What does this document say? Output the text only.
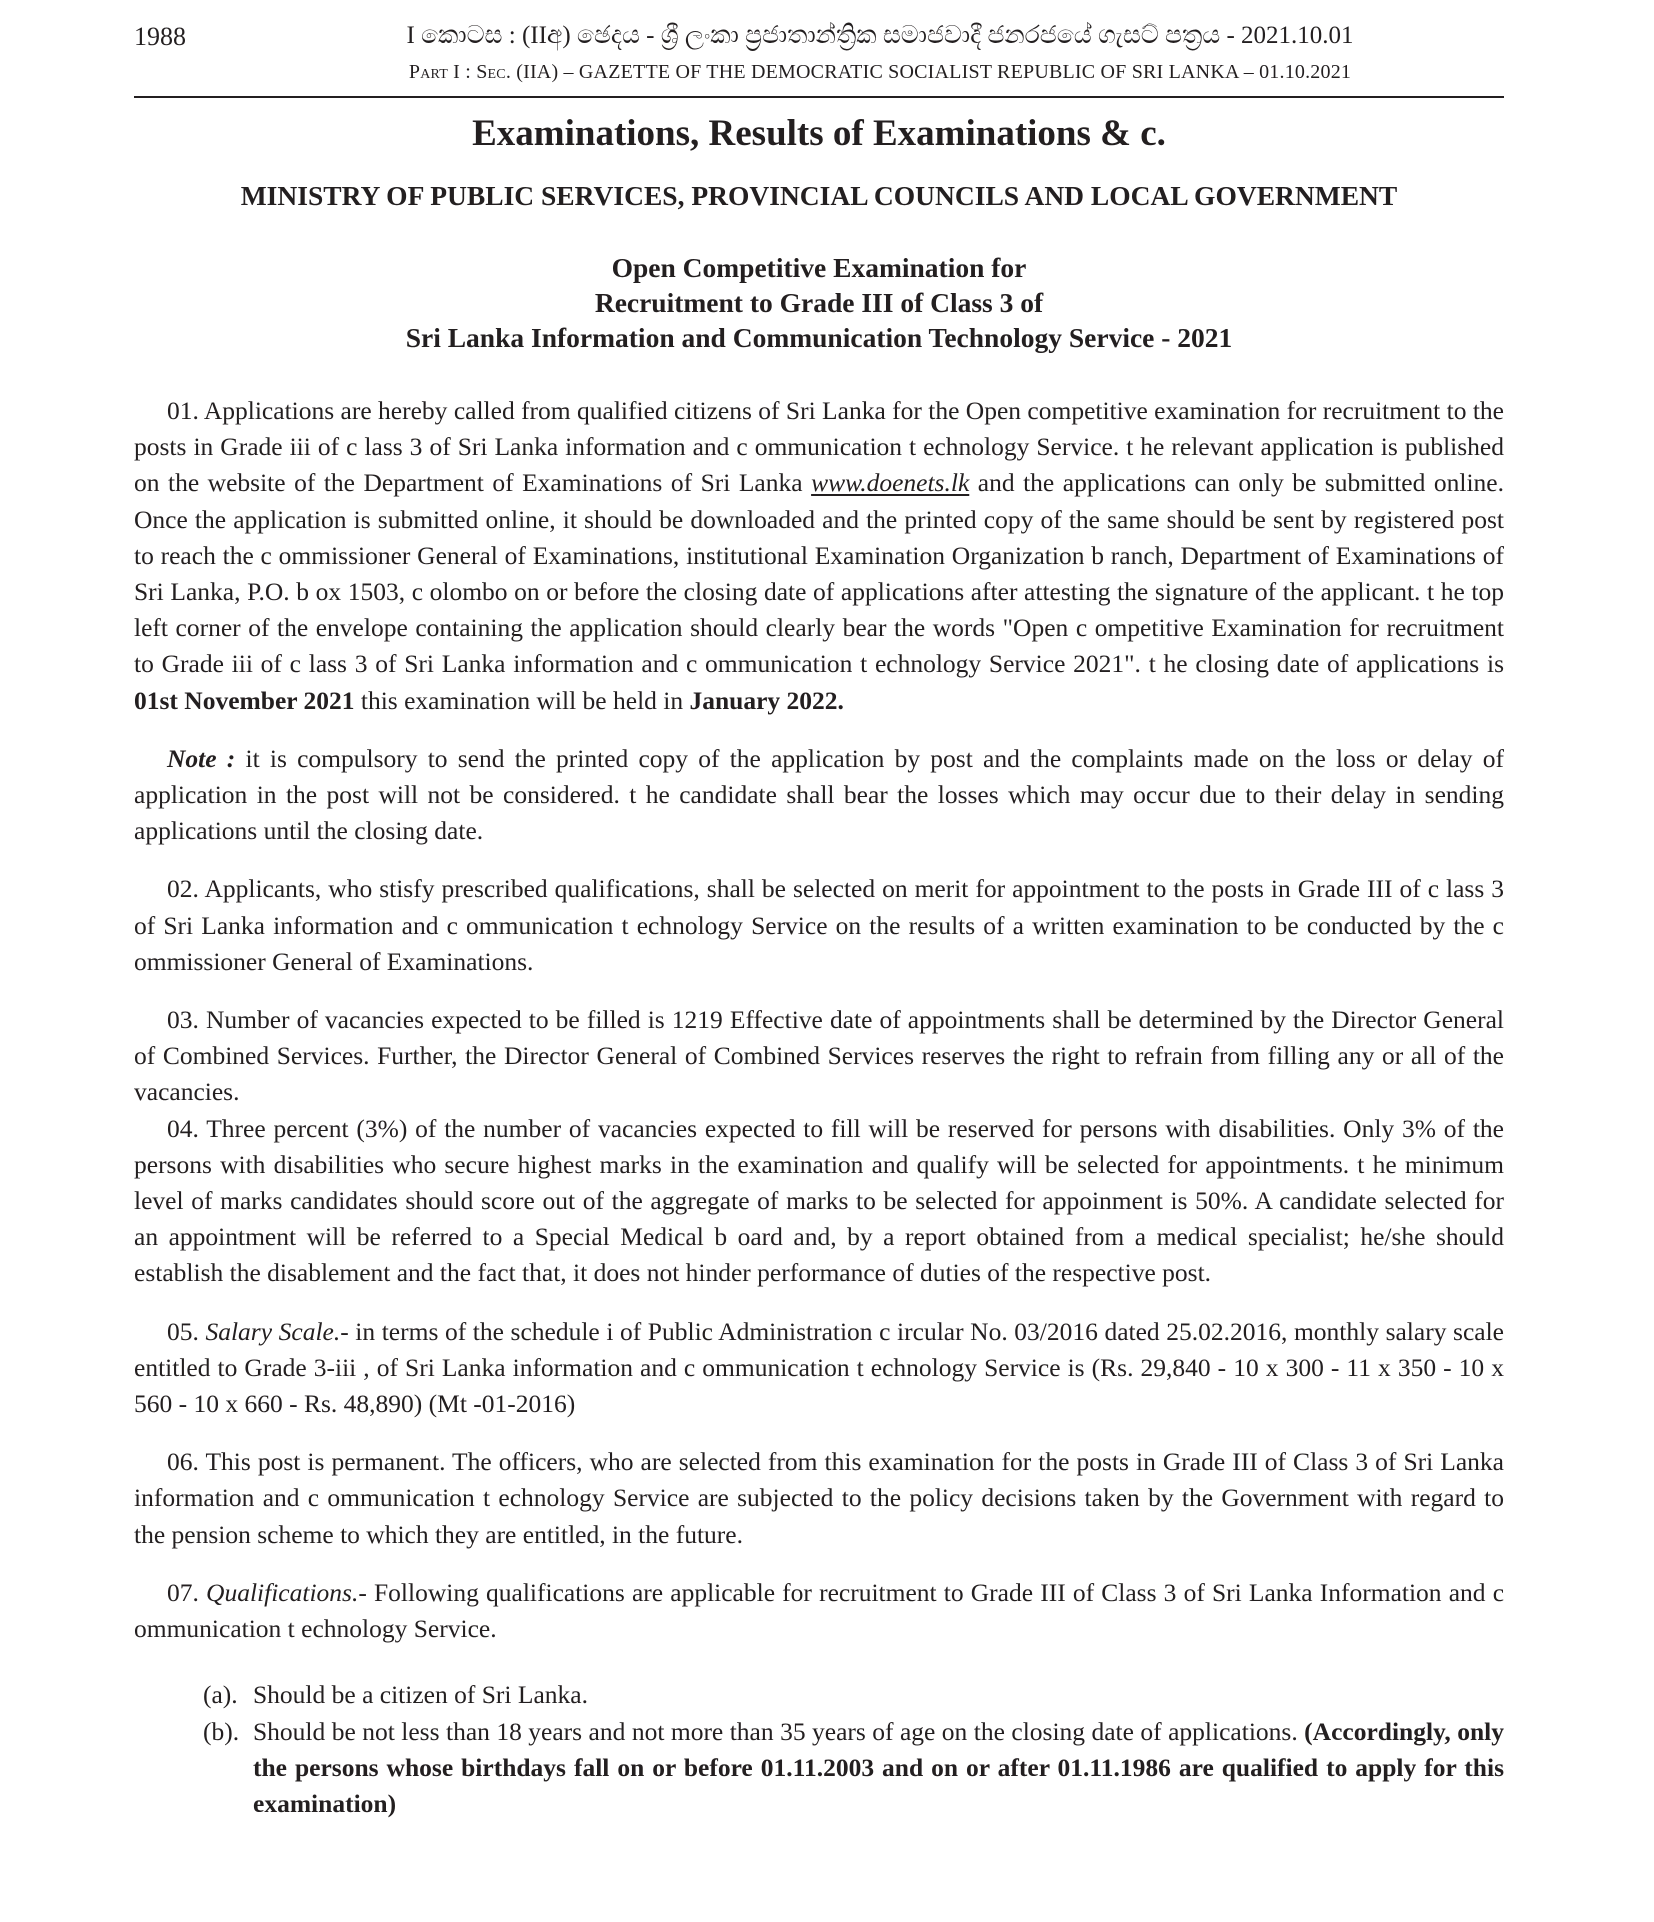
1988	I කොටස : (IIඅ) ඡෙදය - ශ්‍රී ලංකා ප්‍රජාතාන්ත්‍රික සමාජවාදී ජනරජයේ ගැසට් පත්‍රය - 2021.10.01
Part I : Sec. (IIA) – GAZETTE OF THE DEMOCRATIC SOCIALIST REPUBLIC OF SRI LANKA – 01.10.2021
Examinations, Results of Examinations & c.
MINISTRY OF PUBLIC SERVICES, PROVINCIAL COUNCILS AND LOCAL GOVERNMENT
Open Competitive Examination for
Recruitment to Grade III of Class 3 of
Sri Lanka Information and Communication Technology Service - 2021

01. Applications are hereby called from qualified citizens of Sri Lanka for the Open competitive examination for recruitment to the posts in Grade iii of c lass 3 of Sri Lanka information and c ommunication t echnology Service. t he relevant application is published on the website of the Department of Examinations of Sri Lanka www.doenets.lk and the applications can only be submitted online. Once the application is submitted online, it should be downloaded and the printed copy of the same should be sent by registered post to reach the c ommissioner General of Examinations, institutional Examination Organization b ranch, Department of Examinations of Sri Lanka, P.O. b ox 1503, c olombo on or before the closing date of applications after attesting the signature of the applicant. t he top left corner of the envelope containing the application should clearly bear the words "Open c ompetitive Examination for recruitment to Grade iii of c lass 3 of Sri Lanka information and c ommunication t echnology Service 2021". t he closing date of applications is 01st November 2021 this examination will be held in January 2022.

Note : it is compulsory to send the printed copy of the application by post and the complaints made on the loss or delay of application in the post will not be considered. t he candidate shall bear the losses which may occur due to their delay in sending applications until the closing date.

02. Applicants, who stisfy prescribed qualifications, shall be selected on merit for appointment to the posts in Grade III of c lass 3 of Sri Lanka information and c ommunication t echnology Service on the results of a written examination to be conducted by the c ommissioner General of Examinations.

03. Number of vacancies expected to be filled is 1219 Effective date of appointments shall be determined by the Director General of Combined Services. Further, the Director General of Combined Services reserves the right to refrain from filling any or all of the vacancies.

04. Three percent (3%) of the number of vacancies expected to fill will be reserved for persons with disabilities. Only 3% of the persons with disabilities who secure highest marks in the examination and qualify will be selected for appointments. t he minimum level of marks candidates should score out of the aggregate of marks to be selected for appoinment is 50%. A candidate selected for an appointment will be referred to a Special Medical b oard and, by a report obtained from a medical specialist; he/she should establish the disablement and the fact that, it does not hinder performance of duties of the respective post.

05. Salary Scale.- in terms of the schedule i of Public Administration c ircular No. 03/2016 dated 25.02.2016, monthly salary scale entitled to Grade 3-iii , of Sri Lanka information and c ommunication t echnology Service is (Rs. 29,840 - 10 x 300 - 11 x 350 - 10 x 560 - 10 x 660 - Rs. 48,890) (Mt -01-2016)

06. This post is permanent. The officers, who are selected from this examination for the posts in Grade III of Class 3 of Sri Lanka information and c ommunication t echnology Service are subjected to the policy decisions taken by the Government with regard to the pension scheme to which they are entitled, in the future.

07. Qualifications.- Following qualifications are applicable for recruitment to Grade III of Class 3 of Sri Lanka Information and c ommunication t echnology Service.

(a). Should be a citizen of Sri Lanka.
(b). Should be not less than 18 years and not more than 35 years of age on the closing date of applications. (Accordingly, only the persons whose birthdays fall on or before 01.11.2003 and on or after 01.11.1986 are qualified to apply for this examination)
